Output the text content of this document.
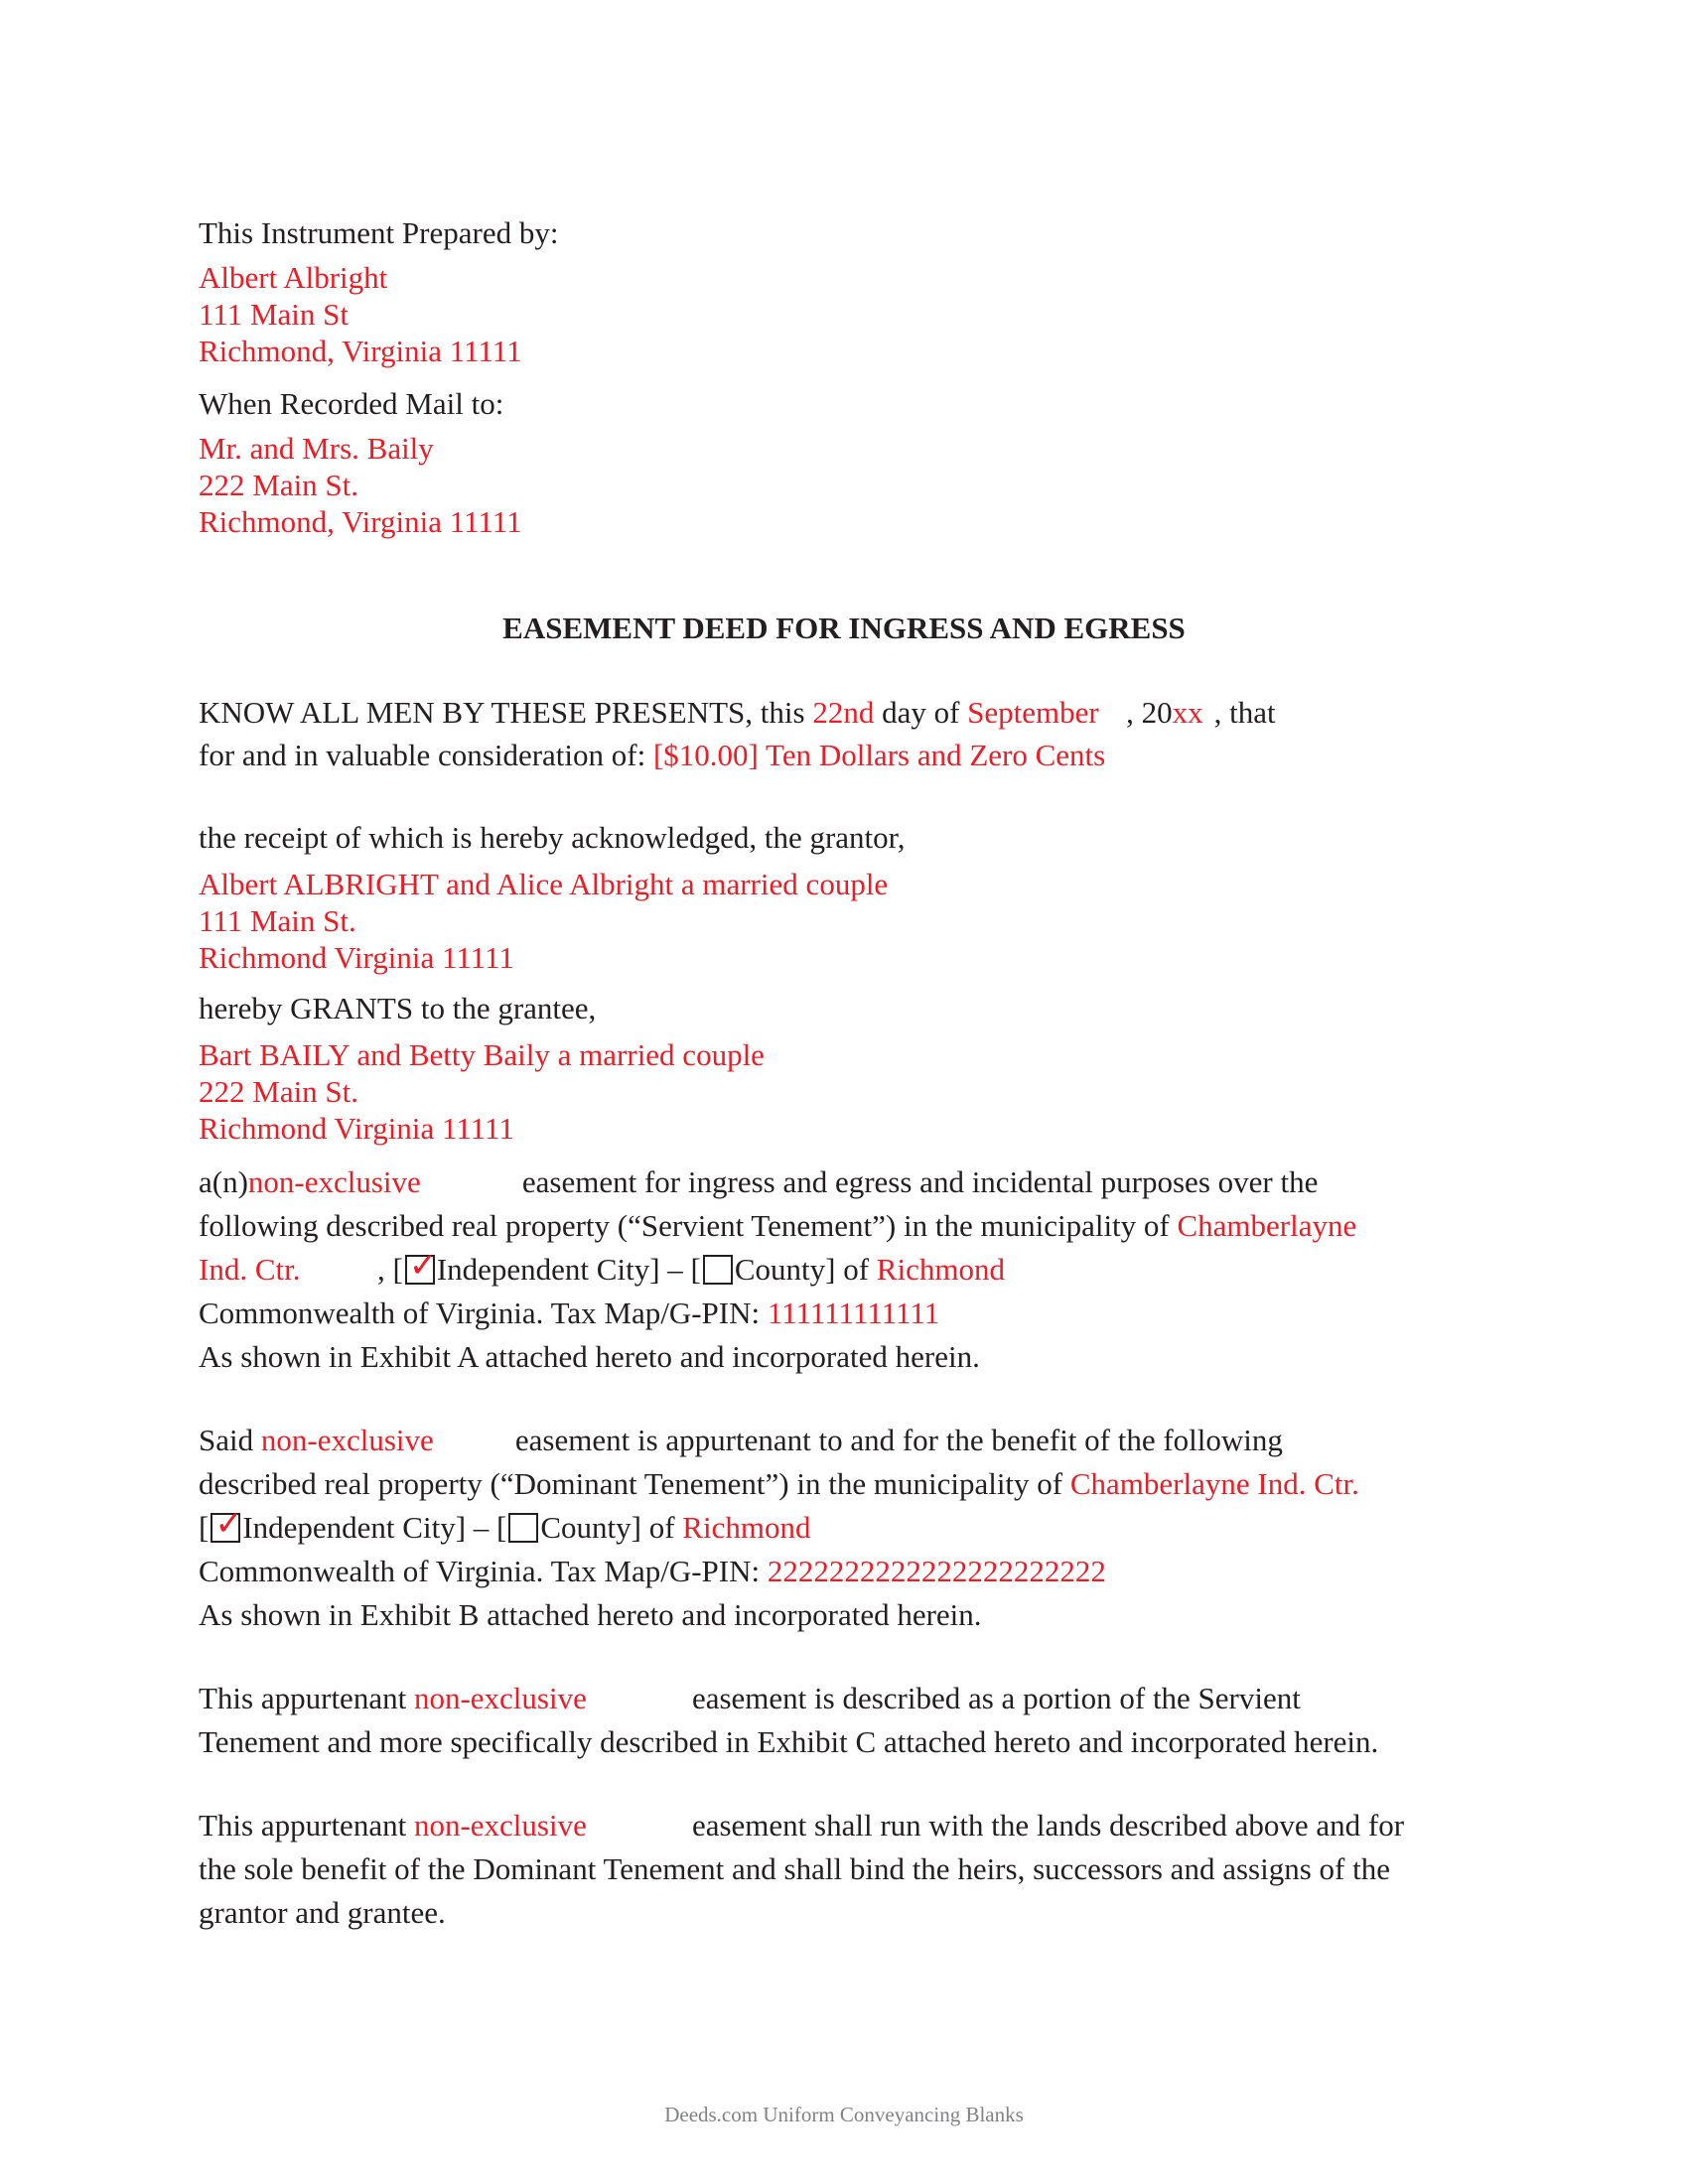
This Instrument Prepared by:
Albert Albright
111 Main St
Richmond, Virginia 11111
When Recorded Mail to:
Mr. and Mrs. Baily
222 Main St.
Richmond, Virginia 11111
EASEMENT DEED FOR INGRESS AND EGRESS
KNOW ALL MEN BY THESE PRESENTS, this 22nd day of September , 20xx , that
for and in valuable consideration of: [$10.00] Ten Dollars and Zero Cents
the receipt of which is hereby acknowledged, the grantor,
Albert ALBRIGHT and Alice Albright a married couple
111 Main St.
Richmond Virginia 11111
hereby GRANTS to the grantee,
Bart BAILY and Betty Baily a married couple
222 Main St.
Richmond Virginia 11111
a(n)non-exclusive	easement for ingress and egress and incidental purposes over the
following described real property (“Servient Tenement”) in the municipality of Chamberlayne
Ind. Ctr.	, [ ✓ Independent City] – [ County] of Richmond
Commonwealth of Virginia. Tax Map/G-PIN: 111111111111
As shown in Exhibit A attached hereto and incorporated herein.
Said non-exclusive	easement is appurtenant to and for the benefit of the following
described real property (“Dominant Tenement”) in the municipality of Chamberlayne Ind. Ctr.
[ ✓ Independent City] – [ County] of Richmond
Commonwealth of Virginia. Tax Map/G-PIN: 2222222222222222222222
As shown in Exhibit B attached hereto and incorporated herein.
This appurtenant non-exclusive	easement is described as a portion of the Servient
Tenement and more specifically described in Exhibit C attached hereto and incorporated herein.
This appurtenant non-exclusive	easement shall run with the lands described above and for
the sole benefit of the Dominant Tenement and shall bind the heirs, successors and assigns of the
grantor and grantee.
Deeds.com Uniform Conveyancing Blanks
